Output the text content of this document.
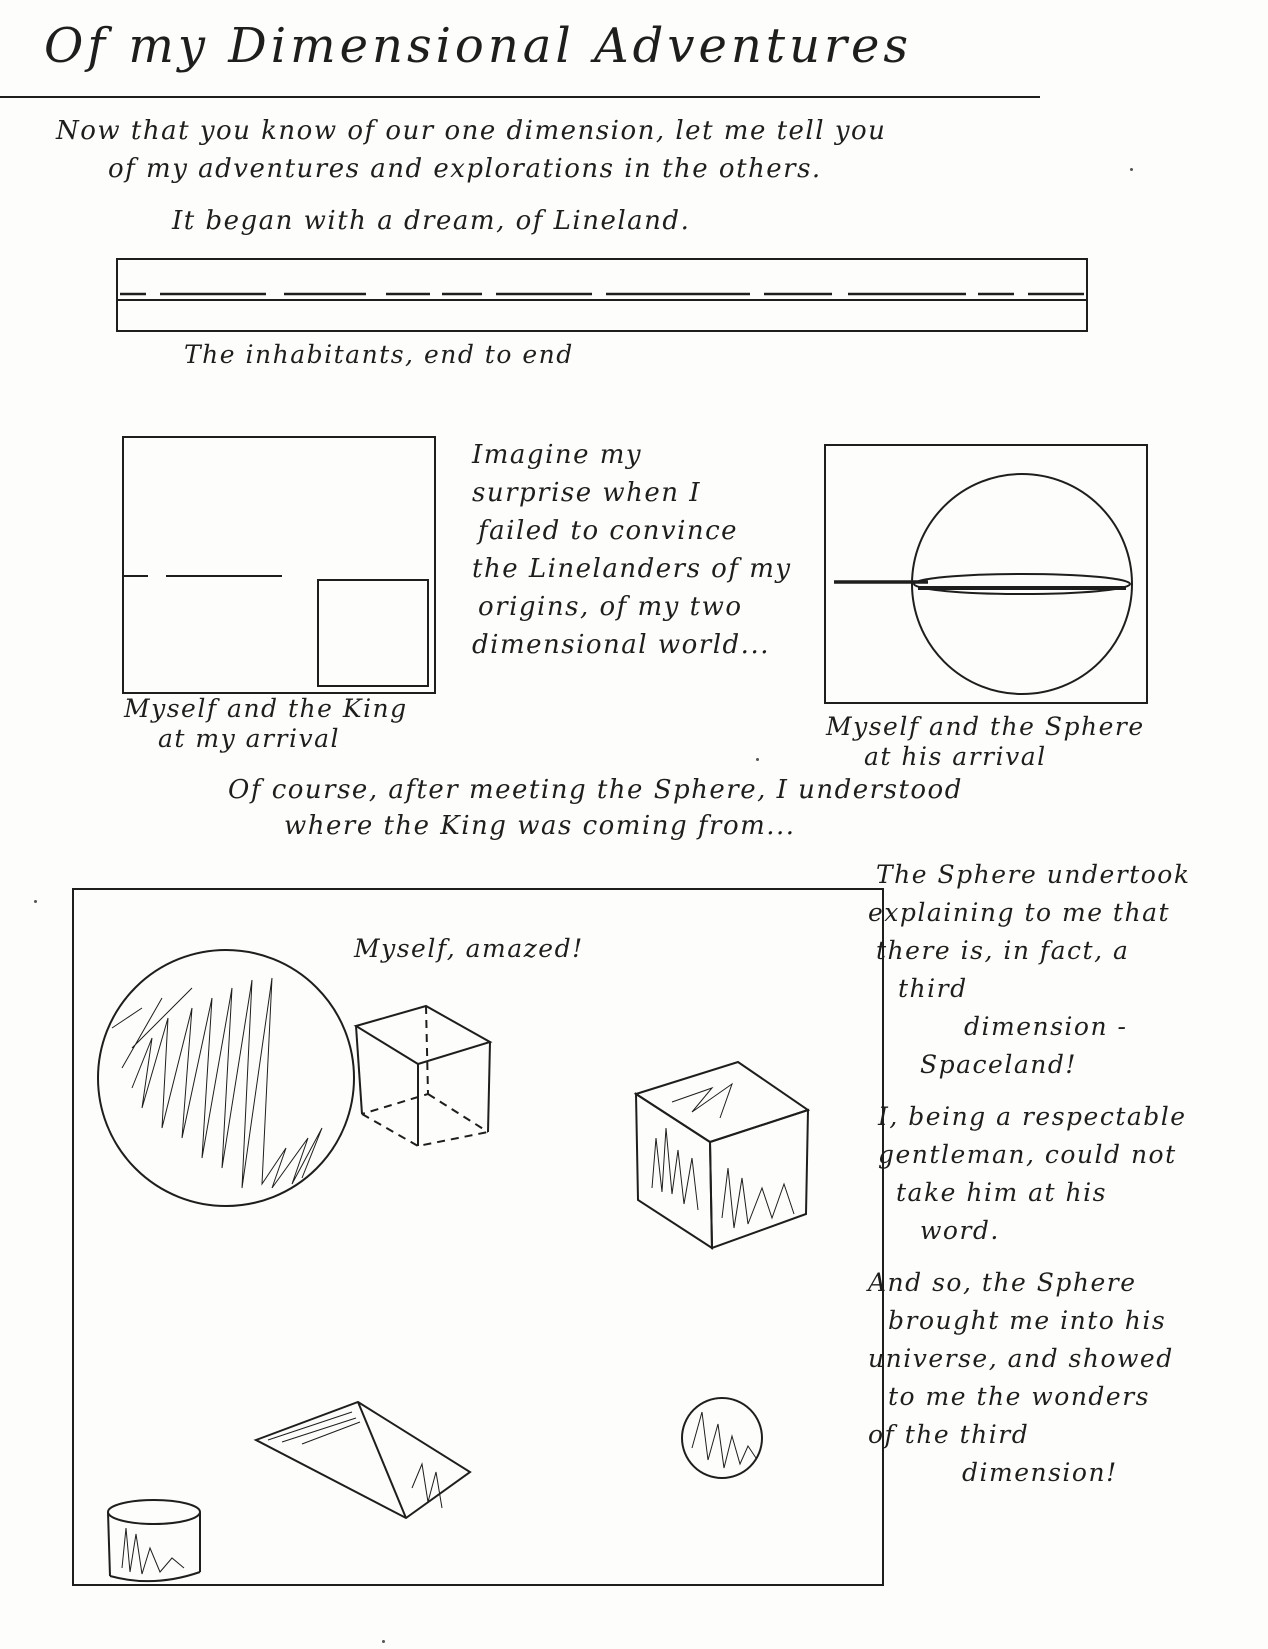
Of my Dimensional Adventures

Now that you know of our one dimension, let me tell you

of my adventures and explorations in the others.

It began with a dream, of Lineland.
The inhabitants, end to end
Myself and the King
at my arrival

Imagine my

surprise when I

failed to convince

the Linelanders of my

origins, of my two

dimensional world...

Myself and the Sphere
at his arrival

Of course, after meeting the Sphere, I understood

where the King was coming from...

Myself, amazed!

The Sphere undertook

explaining to me that

there is, in fact, a

third

dimension -

Spaceland!

I, being a respectable

gentleman, could not

take him at his

word.

And so, the Sphere

brought me into his

universe, and showed

to me the wonders

of the third

dimension!
